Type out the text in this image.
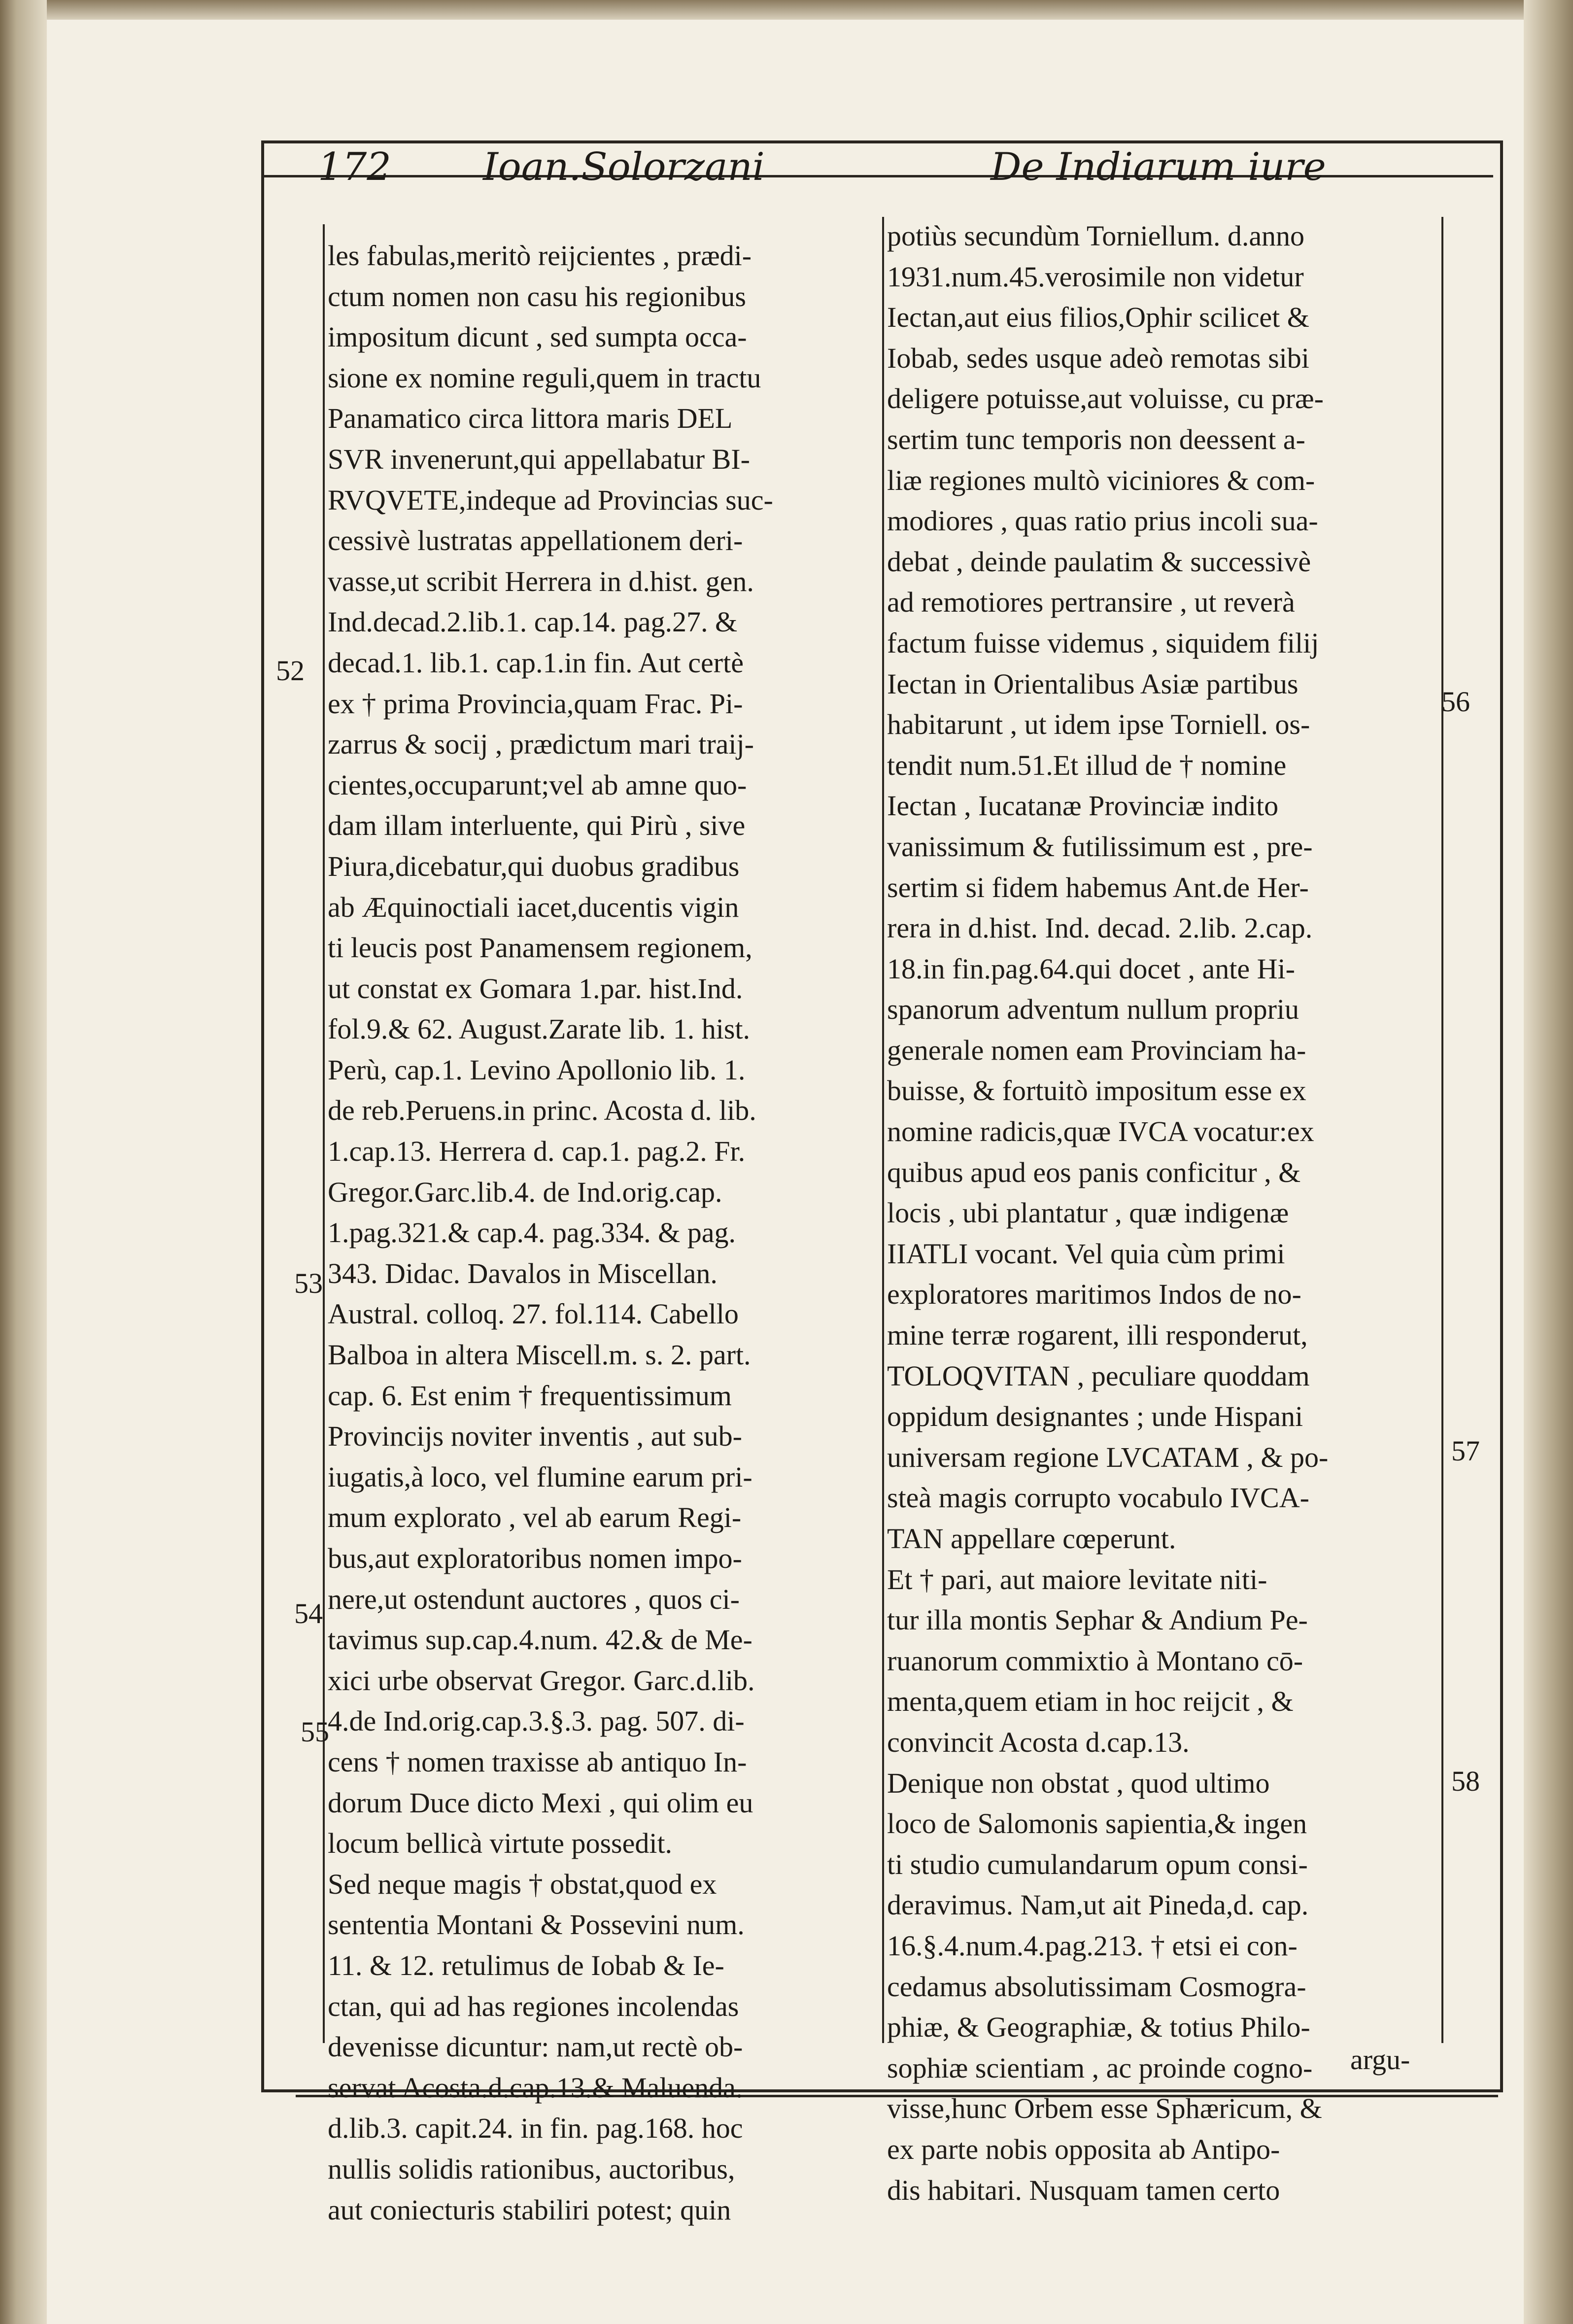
172 Ioan.Solorzani	De Indiarum iure
les fabulas,meritò reijcientes , prædi-
ctum nomen non casu his regionibus
impositum dicunt , sed sumpta occa-
sione ex nomine reguli,quem in tractu
Panamatico circa littora maris DEL
SVR invenerunt,qui appellabatur BI-
RVQVETE,indeque ad Provincias suc-
cessivè lustratas appellationem deri-
vasse,ut scribit Herrera in d.hist. gen.
Ind.decad.2.lib.1. cap.14. pag.27. &
decad.1. lib.1. cap.1.in fin. Aut certè
ex † prima Provincia,quam Frac. Pi-
zarrus & socij , prædictum mari traij-
cientes,occuparunt;vel ab amne quo-
dam illam interluente, qui Pirù , sive
Piura,dicebatur,qui duobus gradibus
ab Æquinoctiali iacet,ducentis vigin
ti leucis post Panamensem regionem,
ut constat ex Gomara 1.par. hist.Ind.
fol.9.& 62. August.Zarate lib. 1. hist.
Perù, cap.1. Levino Apollonio lib. 1.
de reb.Peruens.in princ. Acosta d. lib.
1.cap.13. Herrera d. cap.1. pag.2. Fr.
Gregor.Garc.lib.4. de Ind.orig.cap.
1.pag.321.& cap.4. pag.334. & pag.
343. Didac. Davalos in Miscellan.
Austral. colloq. 27. fol.114. Cabello
Balboa in altera Miscell.m. s. 2. part.
cap. 6. Est enim † frequentissimum
Provincijs noviter inventis , aut sub-
iugatis,à loco, vel flumine earum pri-
mum explorato , vel ab earum Regi-
bus,aut exploratoribus nomen impo-
nere,ut ostendunt auctores , quos ci-
tavimus sup.cap.4.num. 42.& de Me-
xici urbe observat Gregor. Garc.d.lib.
4.de Ind.orig.cap.3.§.3. pag. 507. di-
cens † nomen traxisse ab antiquo In-
dorum Duce dicto Mexi , qui olim eu
locum bellicà virtute possedit.
Sed neque magis † obstat,quod ex
sententia Montani & Possevini num.
11. & 12. retulimus de Iobab & Ie-
ctan, qui ad has regiones incolendas
devenisse dicuntur: nam,ut rectè ob-
servat Acosta.d.cap.13.& Maluenda.
d.lib.3. capit.24. in fin. pag.168. hoc
nullis solidis rationibus, auctoribus,
aut coniecturis stabiliri potest; quin
potiùs secundùm Torniellum. d.anno
1931.num.45.verosimile non videtur
Iectan,aut eius filios,Ophir scilicet &
Iobab, sedes usque adeò remotas sibi
deligere potuisse,aut voluisse, cu præ-
sertim tunc temporis non deessent a-
liæ regiones multò viciniores & com-
modiores , quas ratio prius incoli sua-
debat , deinde paulatim & successivè
ad remotiores pertransire , ut reverà
factum fuisse videmus , siquidem filij
Iectan in Orientalibus Asiæ partibus
habitarunt , ut idem ipse Torniell. os-
tendit num.51.Et illud de † nomine
Iectan , Iucatanæ Provinciæ indito
vanissimum & futilissimum est , pre-
sertim si fidem habemus Ant.de Her-
rera in d.hist. Ind. decad. 2.lib. 2.cap.
18.in fin.pag.64.qui docet , ante Hi-
spanorum adventum nullum propriu
generale nomen eam Provinciam ha-
buisse, & fortuitò impositum esse ex
nomine radicis,quæ IVCA vocatur:ex
quibus apud eos panis conficitur , &
locis , ubi plantatur , quæ indigenæ
IIATLI vocant. Vel quia cùm primi
exploratores maritimos Indos de no-
mine terræ rogarent, illi responderut,
TOLOQVITAN , peculiare quoddam
oppidum designantes ; unde Hispani
universam regione LVCATAM , & po-
steà magis corrupto vocabulo IVCA-
TAN appellare cœperunt.
Et † pari, aut maiore levitate niti-
tur illa montis Sephar & Andium Pe-
ruanorum commixtio à Montano cō-
menta,quem etiam in hoc reijcit , &
convincit Acosta d.cap.13.
Denique non obstat , quod ultimo
loco de Salomonis sapientia,& ingen
ti studio cumulandarum opum consi-
deravimus. Nam,ut ait Pineda,d. cap.
16.§.4.num.4.pag.213. † etsi ei con-
cedamus absolutissimam Cosmogra-
phiæ, & Geographiæ, & totius Philo-
sophiæ scientiam , ac proinde cogno-
visse,hunc Orbem esse Sphæricum, &
ex parte nobis opposita ab Antipo-
dis habitari. Nusquam tamen certo
52
53
54
55
56
57
58
argu-
